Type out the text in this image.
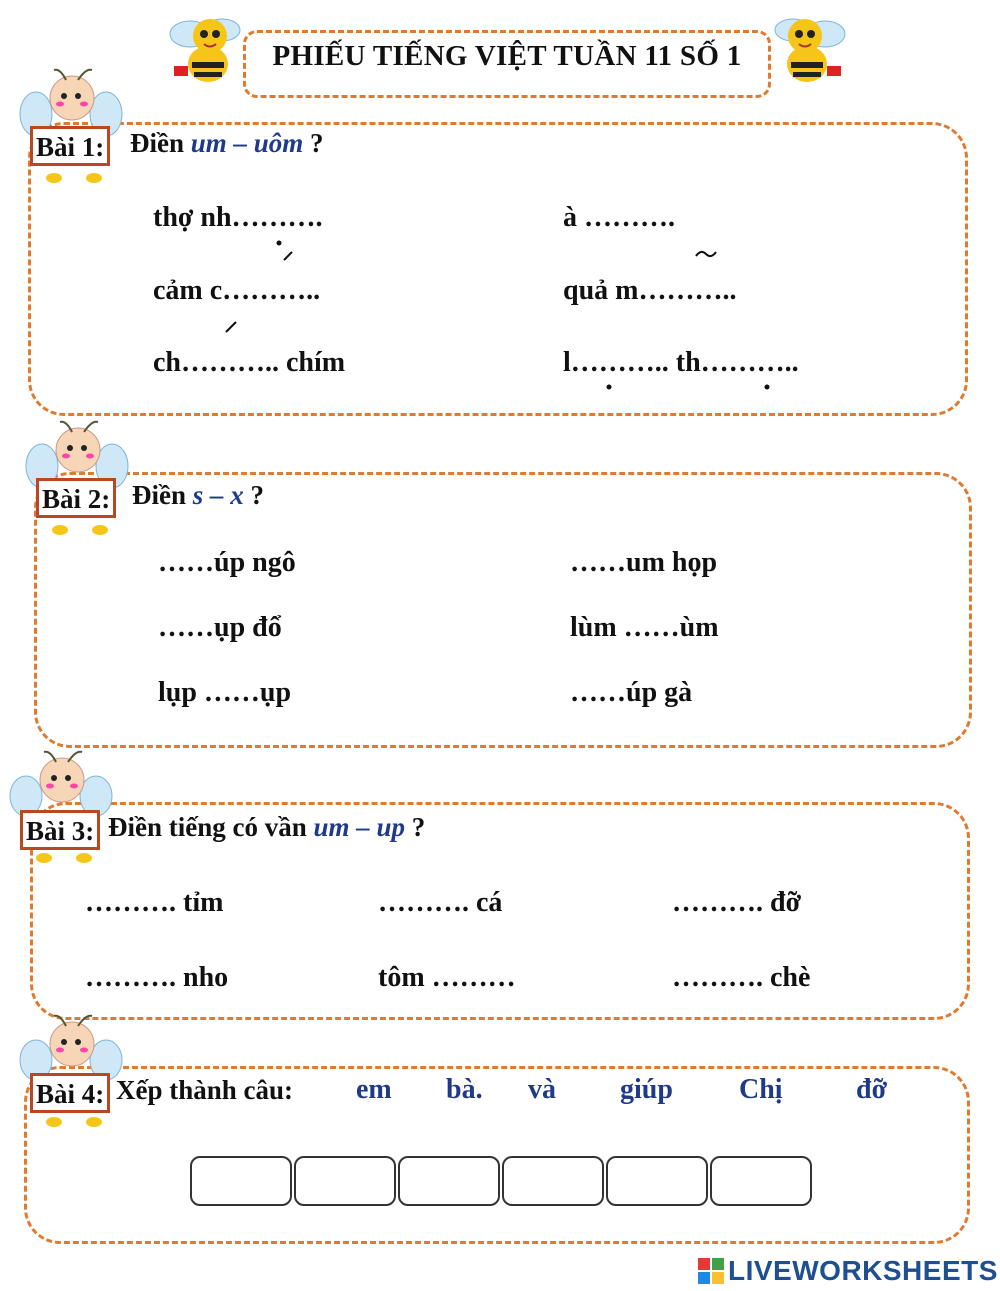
PHIẾU TIẾNG VIỆT TUẦN 11 SỐ 1
Bài 1: Điền um – uôm ?
thợ nh……….	à ……….
cảm c………..	quả m………..
ch……….. chím	l……….. th………..
Bài 2: Điền s – x ?
……úp ngô	……um họp
……ụp đổ	lùm ……ùm
lụp ……ụp	……úp gà
Bài 3: Điền tiếng có vần um – up ?
………. tỉm	………. cá	………. đỡ
………. nho	tôm ………	………. chè
Bài 4: Xếp thành câu: em bà. và giúp Chị	đỡ
LIVEWORKSHEETS
